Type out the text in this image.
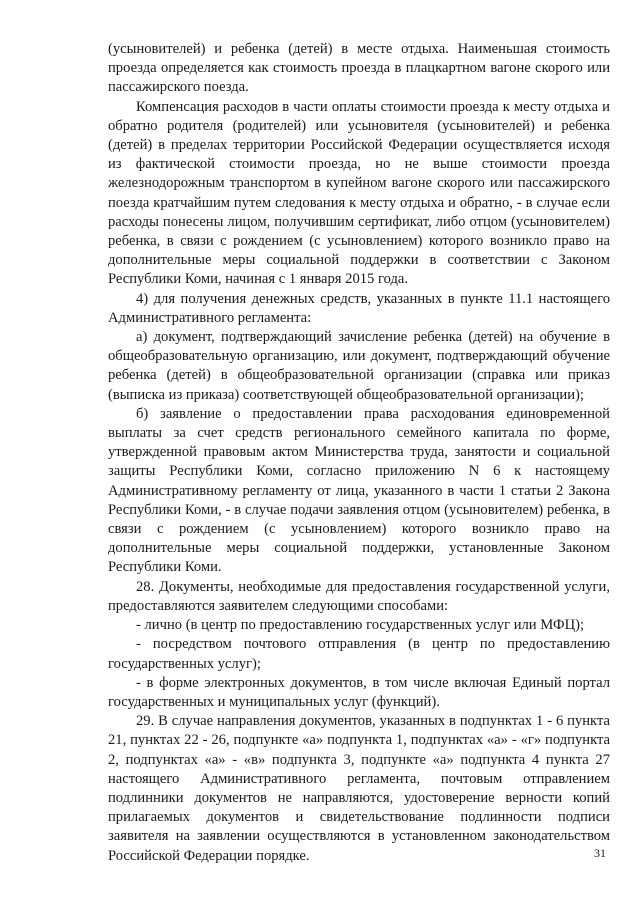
(усыновителей) и ребенка (детей) в месте отдыха. Наименьшая стоимость проезда определяется как стоимость проезда в плацкартном вагоне скорого или пассажирского поезда.

Компенсация расходов в части оплаты стоимости проезда к месту отдыха и обратно родителя (родителей) или усыновителя (усыновителей) и ребенка (детей) в пределах территории Российской Федерации осуществляется исходя из фактической стоимости проезда, но не выше стоимости проезда железнодорожным транспортом в купейном вагоне скорого или пассажирского поезда кратчайшим путем следования к месту отдыха и обратно, - в случае если расходы понесены лицом, получившим сертификат, либо отцом (усыновителем) ребенка, в связи с рождением (с усыновлением) которого возникло право на дополнительные меры социальной поддержки в соответствии с Законом Республики Коми, начиная с 1 января 2015 года.

4) для получения денежных средств, указанных в пункте 11.1 настоящего Административного регламента:

а) документ, подтверждающий зачисление ребенка (детей) на обучение в общеобразовательную организацию, или документ, подтверждающий обучение ребенка (детей) в общеобразовательной организации (справка или приказ (выписка из приказа) соответствующей общеобразовательной организации);

б) заявление о предоставлении права расходования единовременной выплаты за счет средств регионального семейного капитала по форме, утвержденной правовым актом Министерства труда, занятости и социальной защиты Республики Коми, согласно приложению N 6 к настоящему Административному регламенту от лица, указанного в части 1 статьи 2 Закона Республики Коми, - в случае подачи заявления отцом (усыновителем) ребенка, в связи с рождением (с усыновлением) которого возникло право на дополнительные меры социальной поддержки, установленные Законом Республики Коми.

28. Документы, необходимые для предоставления государственной услуги, предоставляются заявителем следующими способами:

- лично (в центр по предоставлению государственных услуг или МФЦ);

- посредством почтового отправления (в центр по предоставлению государственных услуг);

- в форме электронных документов, в том числе включая Единый портал государственных и муниципальных услуг (функций).

29. В случае направления документов, указанных в подпунктах 1 - 6 пункта 21, пунктах 22 - 26, подпункте «а» подпункта 1, подпунктах «а» - «г» подпункта 2, подпунктах «а» - «в» подпункта 3, подпункте «а» подпункта 4 пункта 27 настоящего Административного регламента, почтовым отправлением подлинники документов не направляются, удостоверение верности копий прилагаемых документов и свидетельствование подлинности подписи заявителя на заявлении осуществляются в установленном законодательством Российской Федерации порядке.	31
